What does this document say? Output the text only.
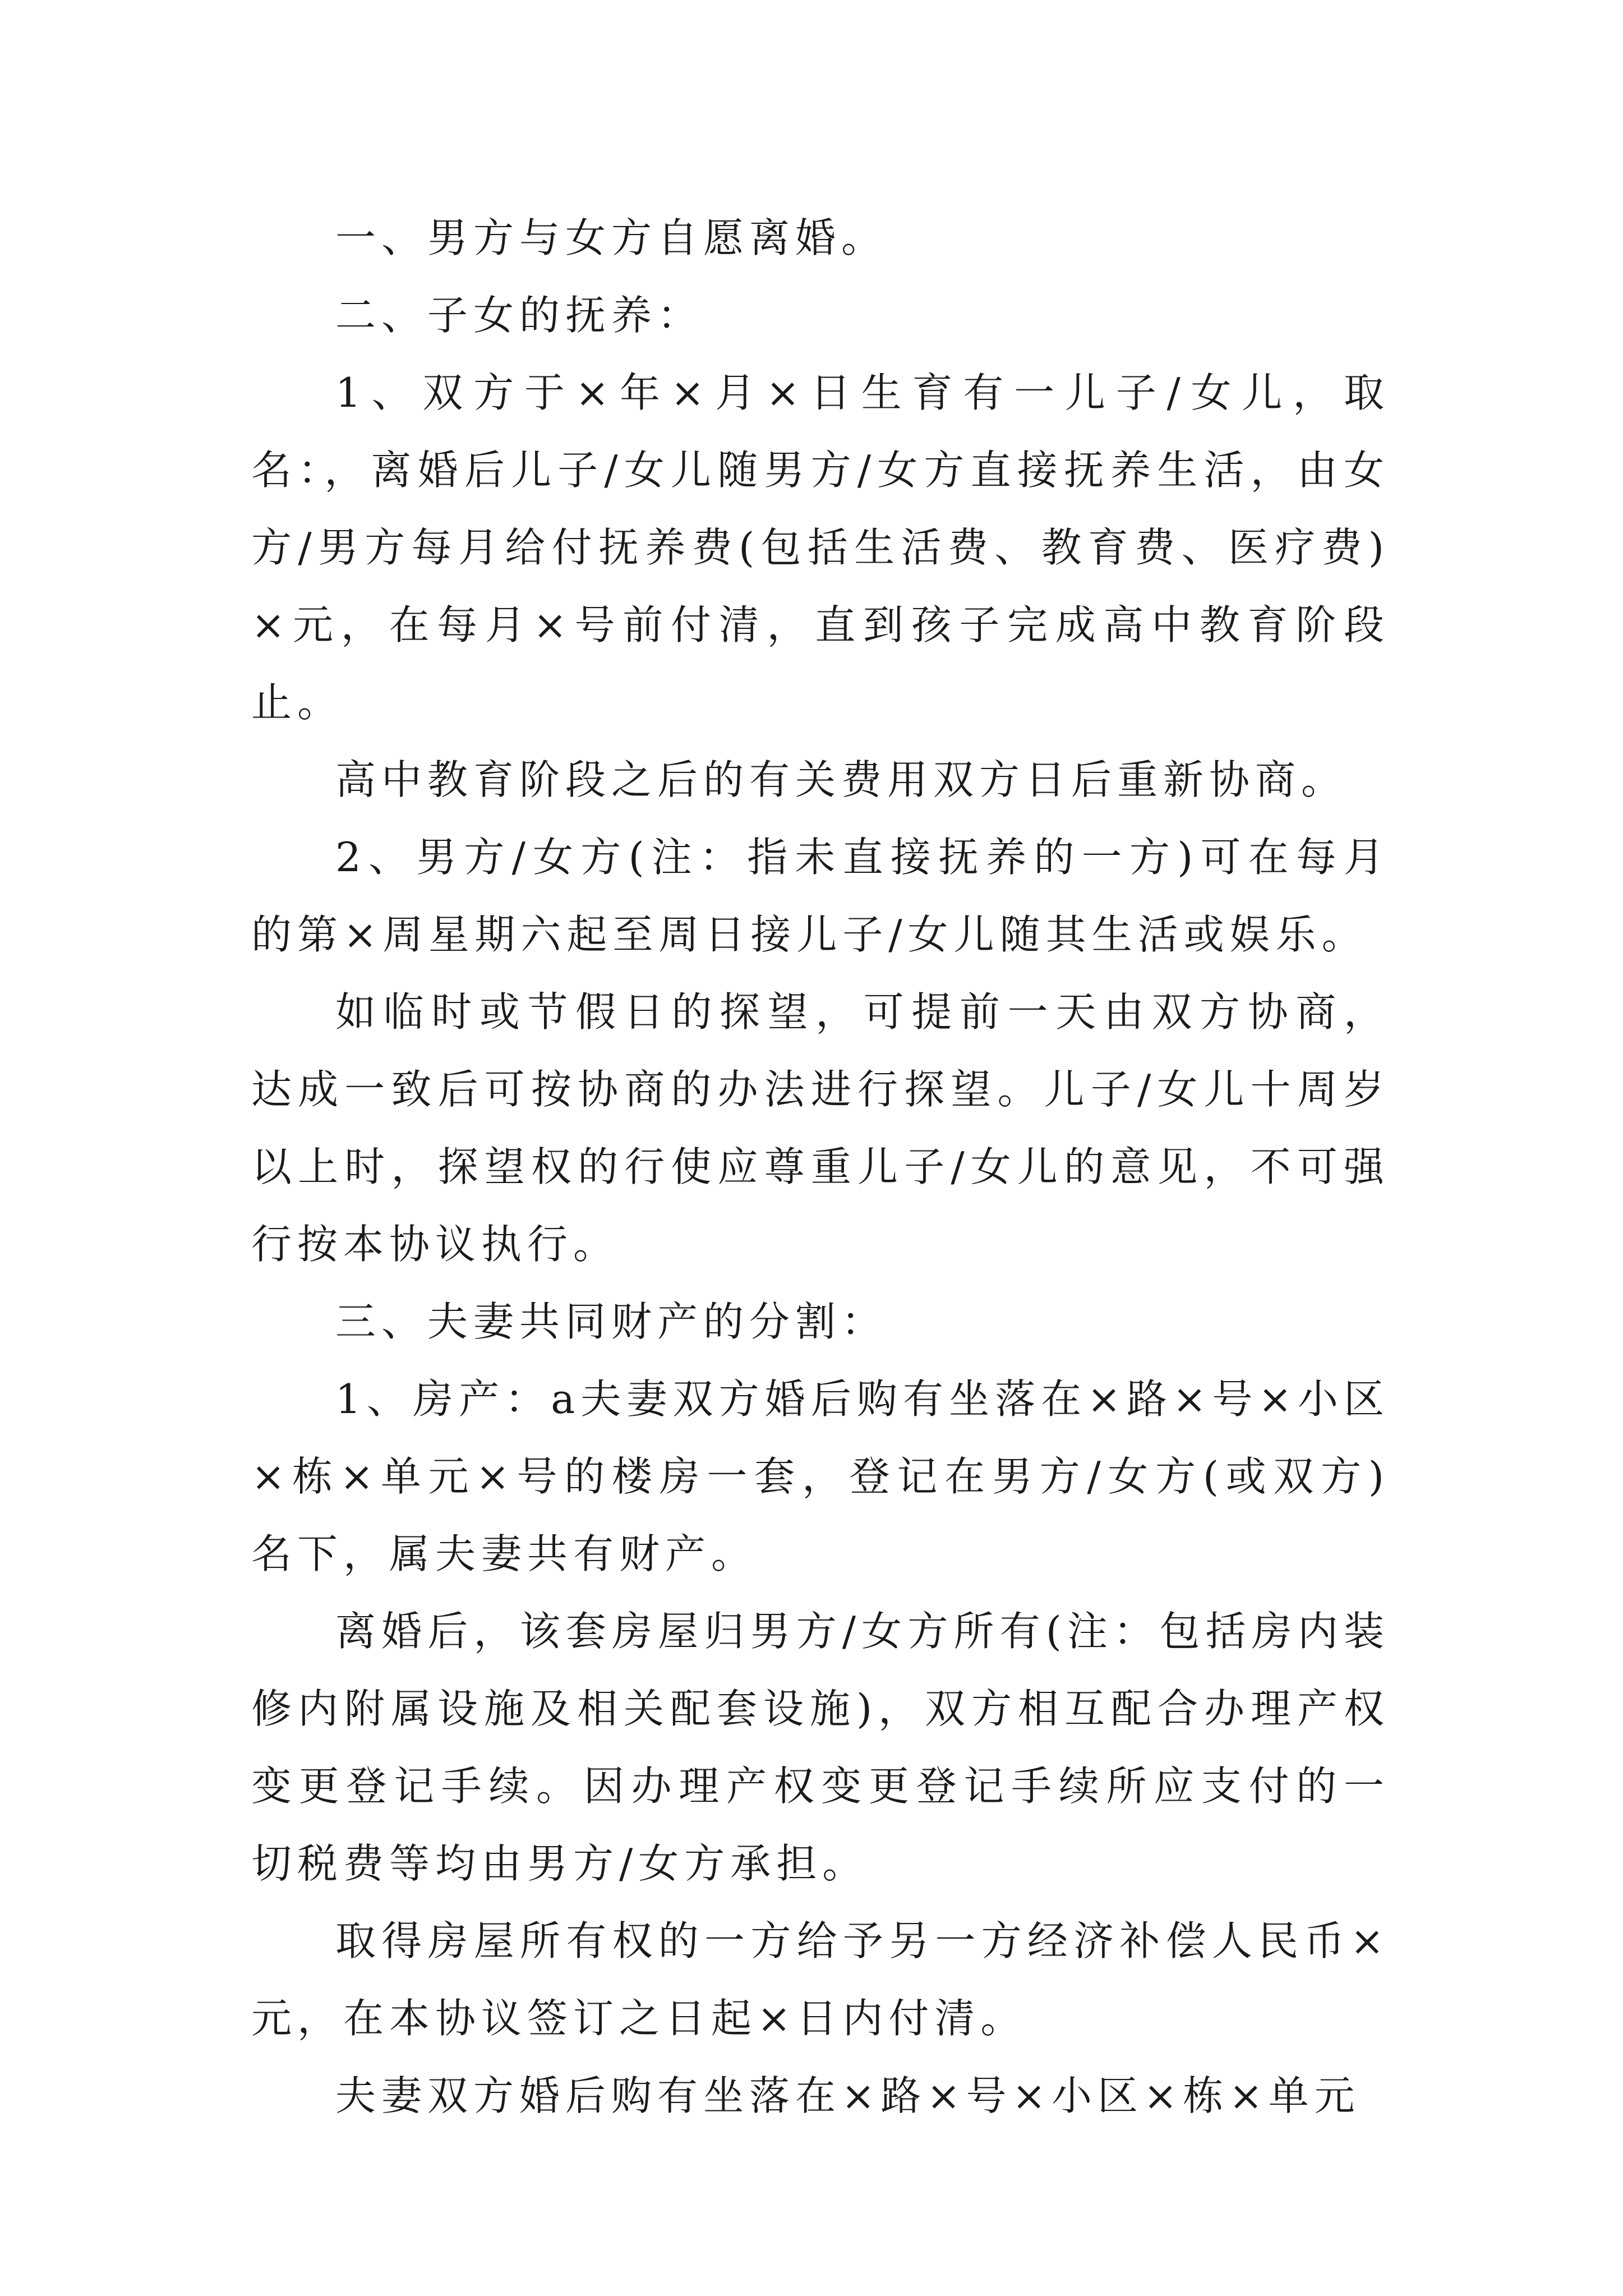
一、男方与女方自愿离婚。

二、子女的抚养：

1、双方于×年×月×日生育有一儿子/女儿，取名：，离婚后儿子/女儿随男方/女方直接抚养生活，由女方/男方每月给付抚养费(包括生活费、教育费、医疗费)×元，在每月×号前付清，直到孩子完成高中教育阶段止。

高中教育阶段之后的有关费用双方日后重新协商。

2、男方/女方(注：指未直接抚养的一方)可在每月的第×周星期六起至周日接儿子/女儿随其生活或娱乐。

如临时或节假日的探望，可提前一天由双方协商，达成一致后可按协商的办法进行探望。儿子/女儿十周岁以上时，探望权的行使应尊重儿子/女儿的意见，不可强行按本协议执行。

三、夫妻共同财产的分割：

1、房产：a夫妻双方婚后购有坐落在×路×号×小区×栋×单元×号的楼房一套，登记在男方/女方(或双方)名下，属夫妻共有财产。

离婚后，该套房屋归男方/女方所有(注：包括房内装修内附属设施及相关配套设施)，双方相互配合办理产权变更登记手续。因办理产权变更登记手续所应支付的一切税费等均由男方/女方承担。

取得房屋所有权的一方给予另一方经济补偿人民币×元，在本协议签订之日起×日内付清。

夫妻双方婚后购有坐落在×路×号×小区×栋×单元
